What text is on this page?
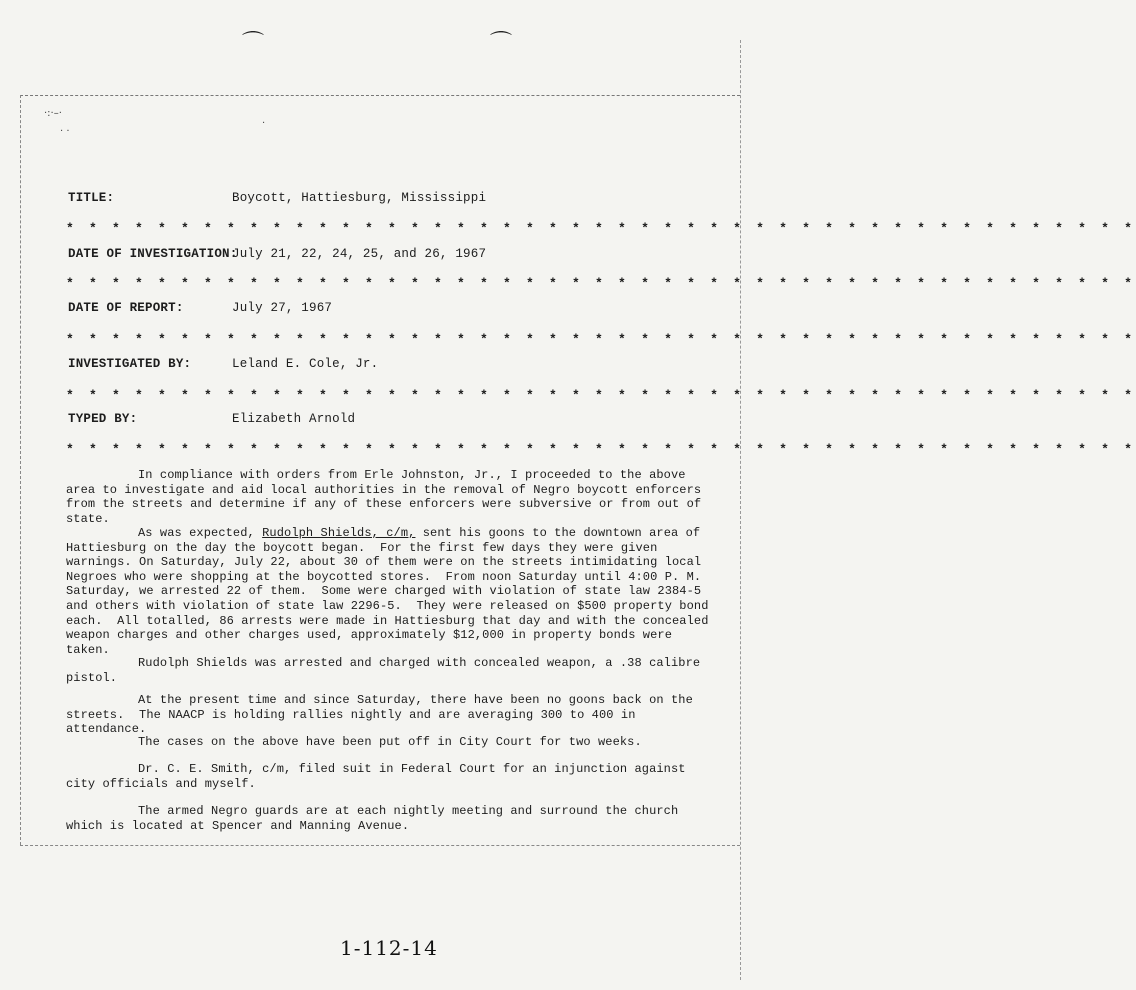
⌒	⌒
·:·–·
· ·
·
TITLE:	Boycott, Hattiesburg, Mississippi
* * * * * * * * * * * * * * * * * * * * * * * * * * * * * * * * * * * * * * * * * * * * * * *
DATE OF INVESTIGATION:
July 21, 22, 24, 25, and 26, 1967
* * * * * * * * * * * * * * * * * * * * * * * * * * * * * * * * * * * * * * * * * * * * * * *
DATE OF REPORT:	July 27, 1967
* * * * * * * * * * * * * * * * * * * * * * * * * * * * * * * * * * * * * * * * * * * * * * *
INVESTIGATED BY:	Leland E. Cole, Jr.
* * * * * * * * * * * * * * * * * * * * * * * * * * * * * * * * * * * * * * * * * * * * * * *
TYPED BY:	Elizabeth Arnold
* * * * * * * * * * * * * * * * * * * * * * * * * * * * * * * * * * * * * * * * * * * * * * *
In compliance with orders from Erle Johnston, Jr., I proceeded to the above area to investigate and aid local authorities in the removal of Negro boycott enforcers from the streets and determine if any of these enforcers were subversive or from out of state.
As was expected, Rudolph Shields, c/m, sent his goons to the downtown area of Hattiesburg on the day the boycott began.  For the first few days they were given warnings. On Saturday, July 22, about 30 of them were on the streets intimidating local Negroes who were shopping at the boycotted stores.  From noon Saturday until 4:00 P. M. Saturday, we arrested 22 of them.  Some were charged with violation of state law 2384-5 and others with violation of state law 2296-5.  They were released on $500 property bond each.  All totalled, 86 arrests were made in Hattiesburg that day and with the concealed weapon charges and other charges used, approximately $12,000 in property bonds were taken.
Rudolph Shields was arrested and charged with concealed weapon, a .38 calibre pistol.
At the present time and since Saturday, there have been no goons back on the streets.  The NAACP is holding rallies nightly and are averaging 300 to 400 in attendance.
The cases on the above have been put off in City Court for two weeks.
Dr. C. E. Smith, c/m, filed suit in Federal Court for an injunction against city officials and myself.
The armed Negro guards are at each nightly meeting and surround the church which is located at Spencer and Manning Avenue.
1-112-14
